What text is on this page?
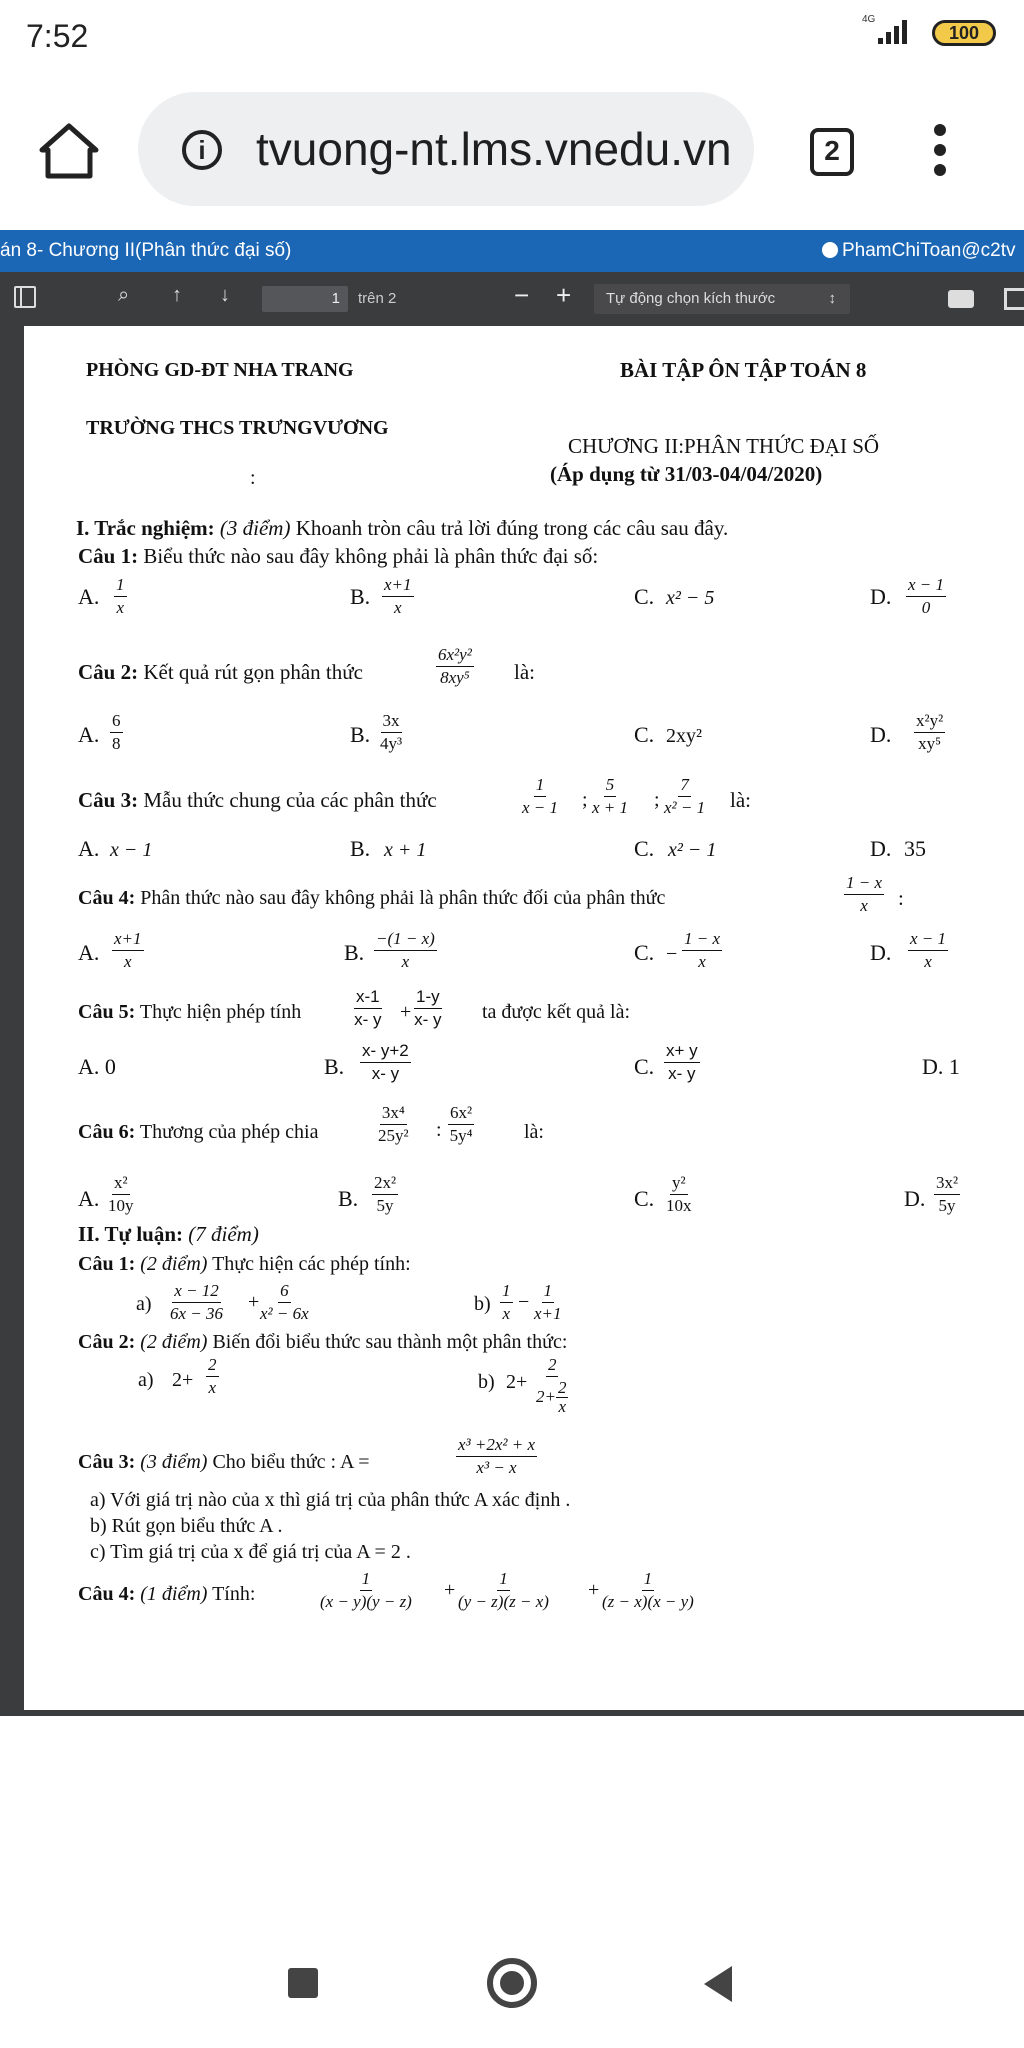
7:52	4G
100
i	tvuong-nt.lms.vnedu.vn	2
án 8- Chương II(Phân thức đại số)	PhamChiToan@c2tv
⌕ ↑ ↓	1	trên 2	− +	Tự động chọn kích thước	↕
PHÒNG GD-ĐT NHA TRANG
TRƯỜNG THCS TRƯNGVƯƠNG
:
BÀI TẬP ÔN TẬP TOÁN 8
CHƯƠNG II:PHÂN THỨC ĐẠI SỐ
(Áp dụng từ 31/03-04/04/2020)
I. Trắc nghiệm: (3 điểm) Khoanh tròn câu trả lời đúng trong các câu sau đây.
Câu 1: Biểu thức nào sau đây không phải là phân thức đại số:
A. $\frac{1}{x}$	B. $\frac{x+1}{x}$	C. x² − 5	D. $\frac{x - 1}{0}$
Câu 2: Kết quả rút gọn phân thức	$\frac{\text{6x²y²}}{\text{8xy⁵}}$ là:
A. $\frac{6}{8}$	B. $\frac{3x}{\text{4y³}}$	C. 2xy²	D. $\frac{\text{x²y²}}{\text{xy⁵}}$
Câu 3: Mẫu thức chung của các phân thức	$\frac{1}{x - 1}$ ; $\frac{5}{x + 1}$ ; $\frac{7}{\text{x² − 1}}$ là:
A. x − 1	B. x + 1	C. x² − 1	D. 35
Câu 4: Phân thức nào sau đây không phải là phân thức đối của phân thức	$\frac{1 - x}{x}$ :
A. $\frac{x+1}{x}$	B. $\frac{-(1 - x)}{x}$	C. − $\frac{1 - x}{x}$	D. $\frac{x - 1}{x}$
Câu 5: Thực hiện phép tính	$\frac{x-1}{x- y} + \frac{1-y}{x- y}$ ta được kết quả là:
A. 0	B. $\frac{x- y+2}{x- y}$	C. $\frac{x+ y}{x- y}$	D. 1
Câu 6: Thương của phép chia	$\frac{\text{3x⁴}}{\text{25y²}}$ : $\frac{\text{6x²}}{\text{5y⁴}}$ là:
A. $\frac{\text{x²}}{10y}$	B. $\frac{\text{2x²}}{5y}$	C. $\frac{\text{y²}}{10x}$	D. $\frac{\text{3x²}}{5y}$
II. Tự luận: (7 điểm)
Câu 1: (2 điểm) Thực hiện các phép tính:
$a) \frac{x - 12}{6x - 36} + \frac{6}{\text{x² − 6x}}$	$b) \frac{1}{x} - \frac{1}{x+1}$
Câu 2: (2 điểm) Biến đổi biểu thức sau thành một phân thức:
a) $2+ \frac{2}{x}$	b) $2+ \frac{2}{2+ \frac{2}{x}}$
Câu 3: (3 điểm) Cho biểu thức : A =	$\frac{\text{x³ +2x² + x}}{\text{x³ − x}}$
a) Với giá trị nào của x thì giá trị của phân thức A xác định .
b) Rút gọn biểu thức A .
c) Tìm giá trị của x để giá trị của A = 2 .
Câu 4: (1 điểm) Tính:	$\frac{1}{(x - y)(y - z)} + \frac{1}{(y - z)(z - x)} + \frac{1}{(z - x)(x - y)}$
